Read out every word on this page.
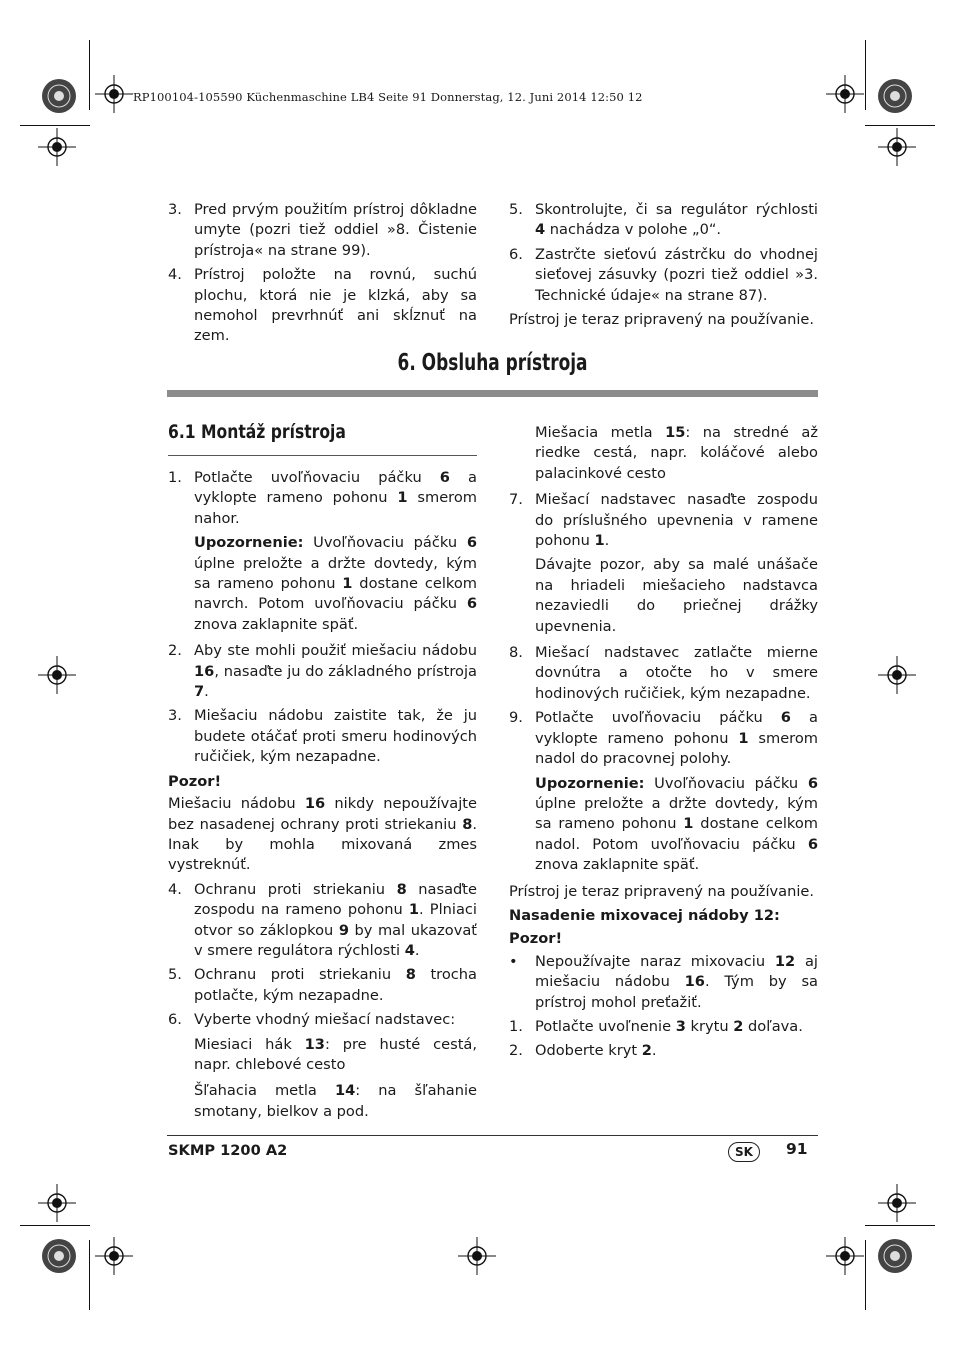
RP100104-105590 Küchenmaschine LB4 Seite 91 Donnerstag, 12. Juni 2014 12:50 12
3. Pred prvým použitím prístroj dôkladne umyte (pozri tiež oddiel »8. Čistenie prístroja« na strane 99).
4. Prístroj položte na rovnú, suchú plochu, ktorá nie je klzká, aby sa nemohol prevrhnúť ani skĺznuť na zem.
5. Skontrolujte, či sa regulátor rýchlosti 4 nachádza v polohe „0“.
6. Zastrčte sieťovú zástrčku do vhodnej sieťovej zásuvky (pozri tiež oddiel »3. Technické údaje« na strane 87).
Prístroj je teraz pripravený na používanie.
6. Obsluha prístroja
6.1 Montáž prístroja
1. Potlačte uvoľňovaciu páčku 6 a vyklopte rameno pohonu 1 smerom nahor.
Upozornenie: Uvoľňovaciu páčku 6 úplne preložte a držte dovtedy, kým sa rameno pohonu 1 dostane celkom navrch. Potom uvoľňovaciu páčku 6 znova zaklapnite späť.
2. Aby ste mohli použiť miešaciu nádobu 16, nasaďte ju do základného prístroja 7.
3. Miešaciu nádobu zaistite tak, že ju budete otáčať proti smeru hodinových ručičiek, kým nezapadne.
Pozor!
Miešaciu nádobu 16 nikdy nepoužívajte bez nasadenej ochrany proti striekaniu 8. Inak by mohla mixovaná zmes vystreknúť.
4. Ochranu proti striekaniu 8 nasaďte zospodu na rameno pohonu 1. Plniaci otvor so záklopkou 9 by mal ukazovať v smere regulátora rýchlosti 4.
5. Ochranu proti striekaniu 8 trocha potlačte, kým nezapadne.
6. Vyberte vhodný miešací nadstavec:
Miesiaci hák 13: pre husté cestá, napr. chlebové cesto
Šľahacia metla 14: na šľahanie smotany, bielkov a pod.
Miešacia metla 15: na stredné až riedke cestá, napr. koláčové alebo palacinkové cesto
7. Miešací nadstavec nasaďte zospodu do príslušného upevnenia v ramene pohonu 1.
Dávajte pozor, aby sa malé unášače na hriadeli miešacieho nadstavca nezaviedli do priečnej drážky upevnenia.
8. Miešací nadstavec zatlačte mierne dovnútra a otočte ho v smere hodinových ručičiek, kým nezapadne.
9. Potlačte uvoľňovaciu páčku 6 a vyklopte rameno pohonu 1 smerom nadol do pracovnej polohy.
Upozornenie: Uvoľňovaciu páčku 6 úplne preložte a držte dovtedy, kým sa rameno pohonu 1 dostane celkom nadol. Potom uvoľňovaciu páčku 6 znova zaklapnite späť.
Prístroj je teraz pripravený na používanie.
Nasadenie mixovacej nádoby 12:
Pozor!
• Nepoužívajte naraz mixovaciu 12 aj miešaciu nádobu 16. Tým by sa prístroj mohol preťažiť.
1. Potlačte uvoľnenie 3 krytu 2 doľava.
2. Odoberte kryt 2.
SKMP 1200 A2	SK	91
